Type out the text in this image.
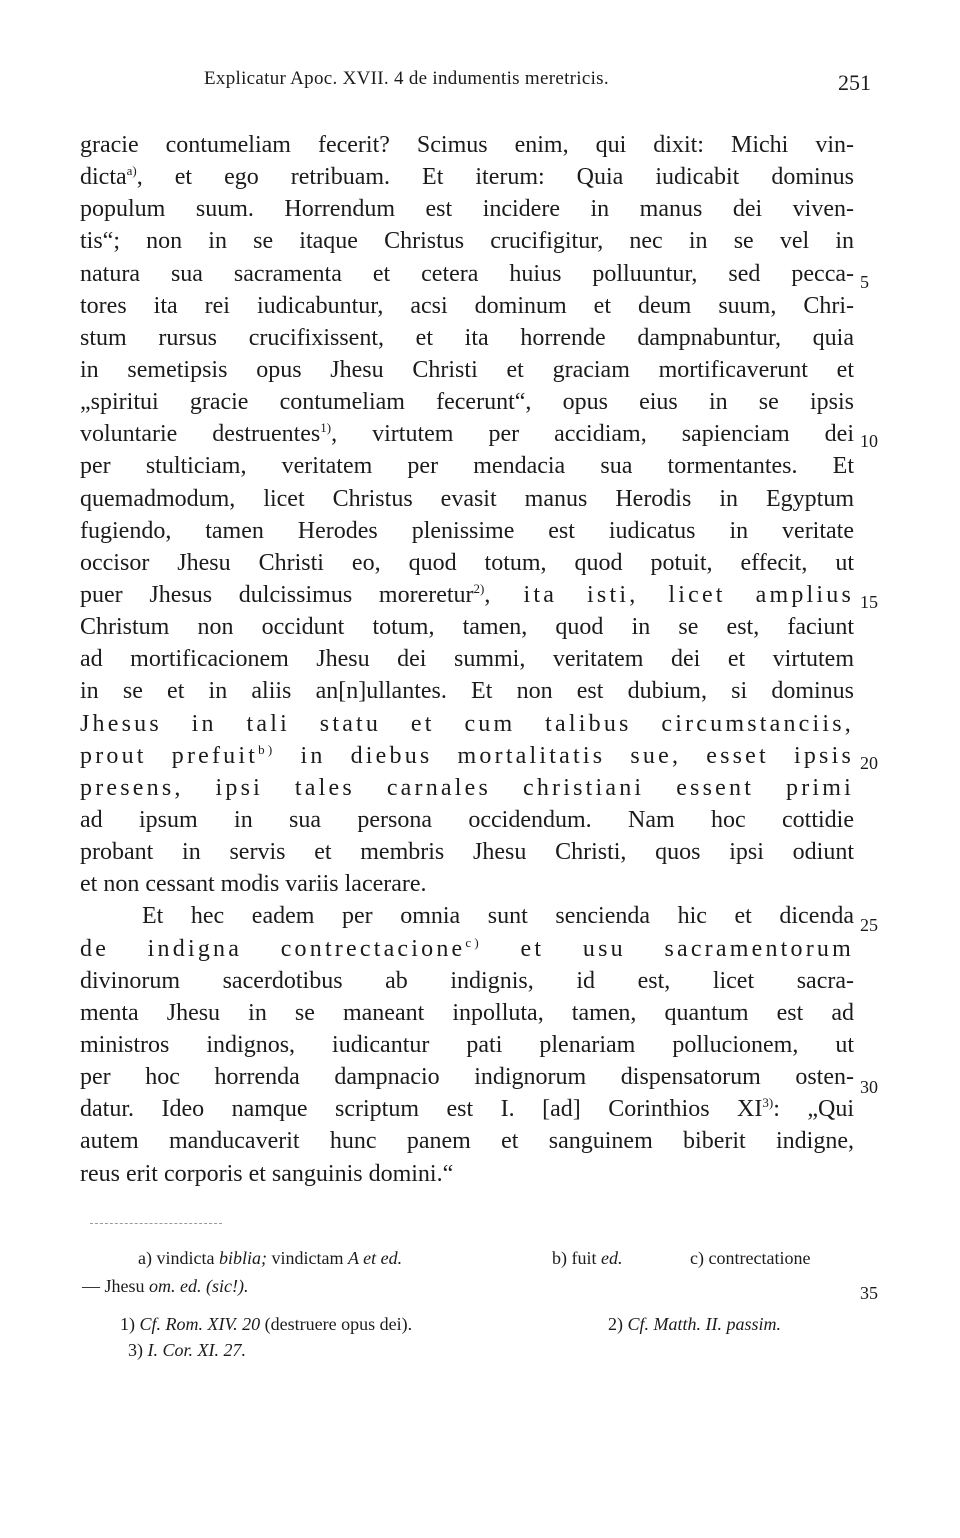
Explicatur Apoc. XVII. 4 de indumentis meretricis.	251
gracie contumeliam fecerit? Scimus enim, qui dixit: Michi vin-
dicta$^{a)}$, et ego retribuam. Et iterum: Quia iudicabit dominus
populum suum. Horrendum est incidere in manus dei viven-
tis“; non in se itaque Christus crucifigitur, nec in se vel in
natura sua sacramenta et cetera huius polluuntur, sed pecca-
tores ita rei iudicabuntur, acsi dominum et deum suum, Chri-
stum rursus crucifixissent, et ita horrende dampnabuntur, quia
in semetipsis opus Jhesu Christi et graciam mortificaverunt et
„spiritui gracie contumeliam fecerunt“, opus eius in se ipsis
voluntarie destruentes$^{1)}$, virtutem per accidiam, sapienciam dei
per stulticiam, veritatem per mendacia sua tormentantes. Et
quemadmodum, licet Christus evasit manus Herodis in Egyptum
fugiendo, tamen Herodes plenissime est iudicatus in veritate
occisor Jhesu Christi eo, quod totum, quod potuit, effecit, ut
puer Jhesus dulcissimus moreretur$^{2)}$, ita isti, licet amplius
Christum non occidunt totum, tamen, quod in se est, faciunt
ad mortificacionem Jhesu dei summi, veritatem dei et virtutem
in se et in aliis an[n]ullantes. Et non est dubium, si dominus
Jhesus in tali statu et cum talibus circumstanciis,
prout prefuit$^{b)}$ in diebus mortalitatis sue, esset ipsis
presens, ipsi tales carnales christiani essent primi
ad ipsum in sua persona occidendum. Nam hoc cottidie
probant in servis et membris Jhesu Christi, quos ipsi odiunt
et non cessant modis variis lacerare.
Et hec eadem per omnia sunt sencienda hic et dicenda
de indigna contrectacione$^{c)}$ et usu sacramentorum
divinorum sacerdotibus ab indignis, id est, licet sacra-
menta Jhesu in se maneant inpolluta, tamen, quantum est ad
ministros indignos, iudicantur pati plenariam pollucionem, ut
per hoc horrenda dampnacio indignorum dispensatorum osten-
datur. Ideo namque scriptum est I. [ad] Corinthios XI$^{3)}$: „Qui
autem manducaverit hunc panem et sanguinem biberit indigne,
reus erit corporis et sanguinis domini.“
5
10
15
20
25
30
35
a) vindicta biblia; vindictam A et ed.	b) fuit ed.	c) contrectatione
— Jhesu om. ed. (sic!).
1) Cf. Rom. XIV. 20 (destruere opus dei).	2) Cf. Matth. II. passim.
3) I. Cor. XI. 27.
